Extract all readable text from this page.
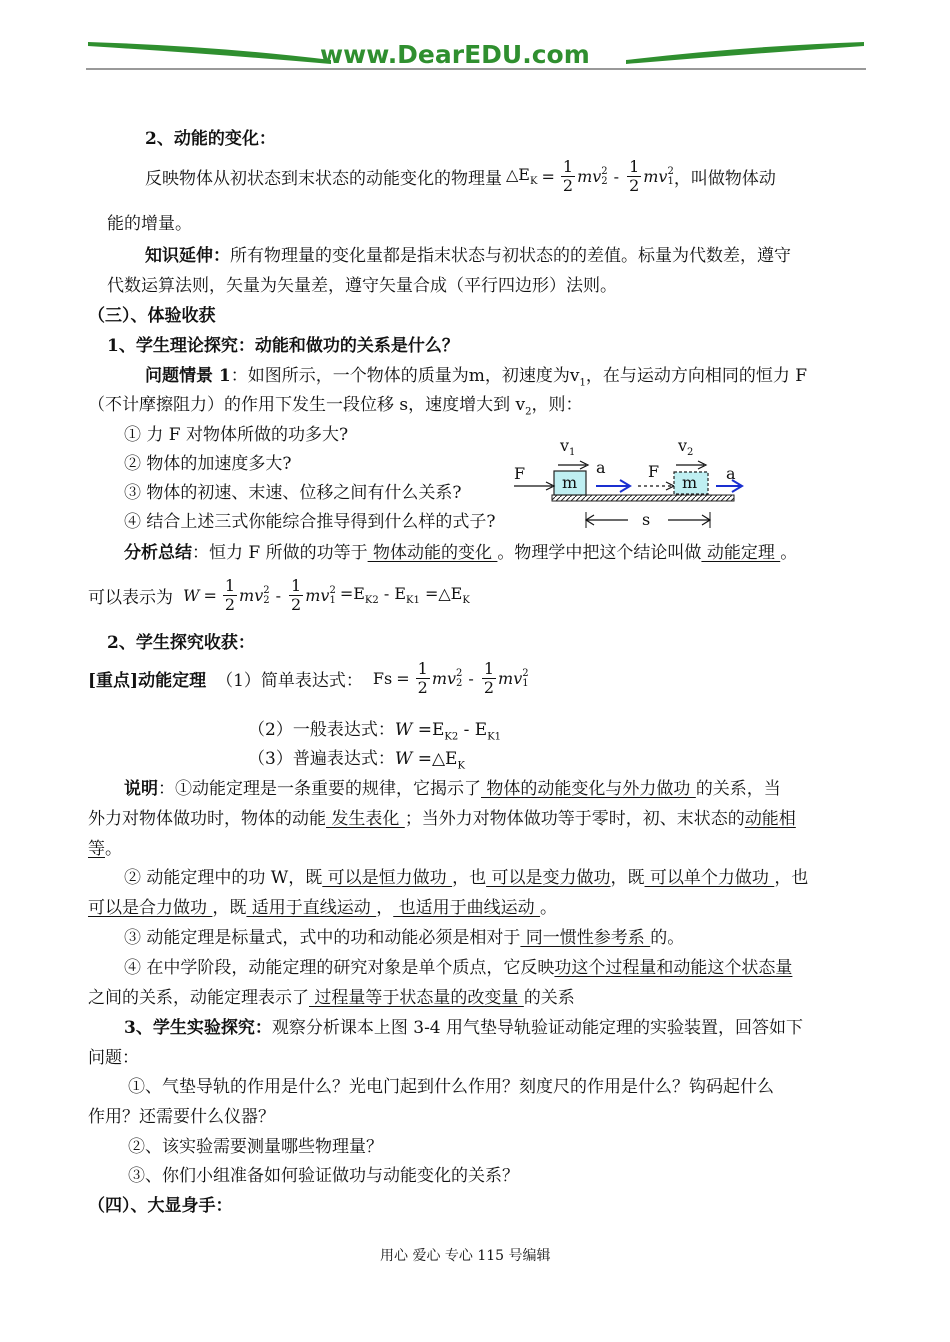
www.DearEDU.com
2、动能的变化：
反映物体从初状态到末状态的动能变化的物理量 $\triangle E_K = \frac{1}{2}$ mv 2
$2 - \frac{1}{2}$ mv 2
1 ，叫做物体动
能的增量。
知识延伸：所有物理量的变化量都是指末状态与初状态的的差值。标量为代数差，遵守
代数运算法则，矢量为矢量差，遵守矢量合成（平行四边形）法则。
（三）、体验收获
1、学生理论探究：动能和做功的关系是什么？
问题情景 1：如图所示，一个物体的质量为m，初速度为$v_1$，在与运动方向相同的恒力 F
（不计摩擦阻力）的作用下发生一段位移 s，速度增大到 $v_2$，则：
① 力 F 对物体所做的功多大?
② 物体的加速度多大?
③ 物体的初速、末速、位移之间有什么关系?
④ 结合上述三式你能综合推导得到什么样的式子?
F
$v_1$
a
m
F
$v_2$
m a
s
分析总结：恒力 F 所做的功等于 物体动能的变化 。物理学中把这个结论叫做 动能定理 。
可以表示为 $W = \frac{1}{2}$ mv 2
$2 - \frac{1}{2}$ mv 2
$1 =E_{K2} - E_{K1}$ $=\triangle E_K$
2、学生探究收获：
[重点] 动能定理 （1）简单表达式： $Fs = \frac{1}{2}$ mv 2
$2 - \frac{1}{2}$ mv 2
1
（2）一般表达式：$W =E_{K2} - E_{K1}$
（3）普遍表达式：$W =\triangle E_K$
说明：①动能定理是一条重要的规律，它揭示了 物体的动能变化与外力做功 的关系，当
外力对物体做功时，物体的动能 发生表化 ；当外力对物体做功等于零时，初、末状态的动能相
等。
② 动能定理中的功 W，既 可以是恒力做功 ，也 可以是变力做功，既 可以单个力做功 ，也
可以是合力做功 ，既 适用于直线运动 ， 也适用于曲线运动 。
③ 动能定理是标量式，式中的功和动能必须是相对于 同一惯性参考系 的。
④ 在中学阶段，动能定理的研究对象是单个质点，它反映功这个过程量和动能这个状态量
之间的关系，动能定理表示了 过程量等于状态量的改变量 的关系
3、学生实验探究：观察分析课本上图 3-4 用气垫导轨验证动能定理的实验装置，回答如下
问题：
①、气垫导轨的作用是什么？光电门起到什么作用？刻度尺的作用是什么？钩码起什么
作用？还需要什么仪器？
②、该实验需要测量哪些物理量？
③、你们小组准备如何验证做功与动能变化的关系？
（四）、大显身手：
用心 爱心 专心 115 号编辑
